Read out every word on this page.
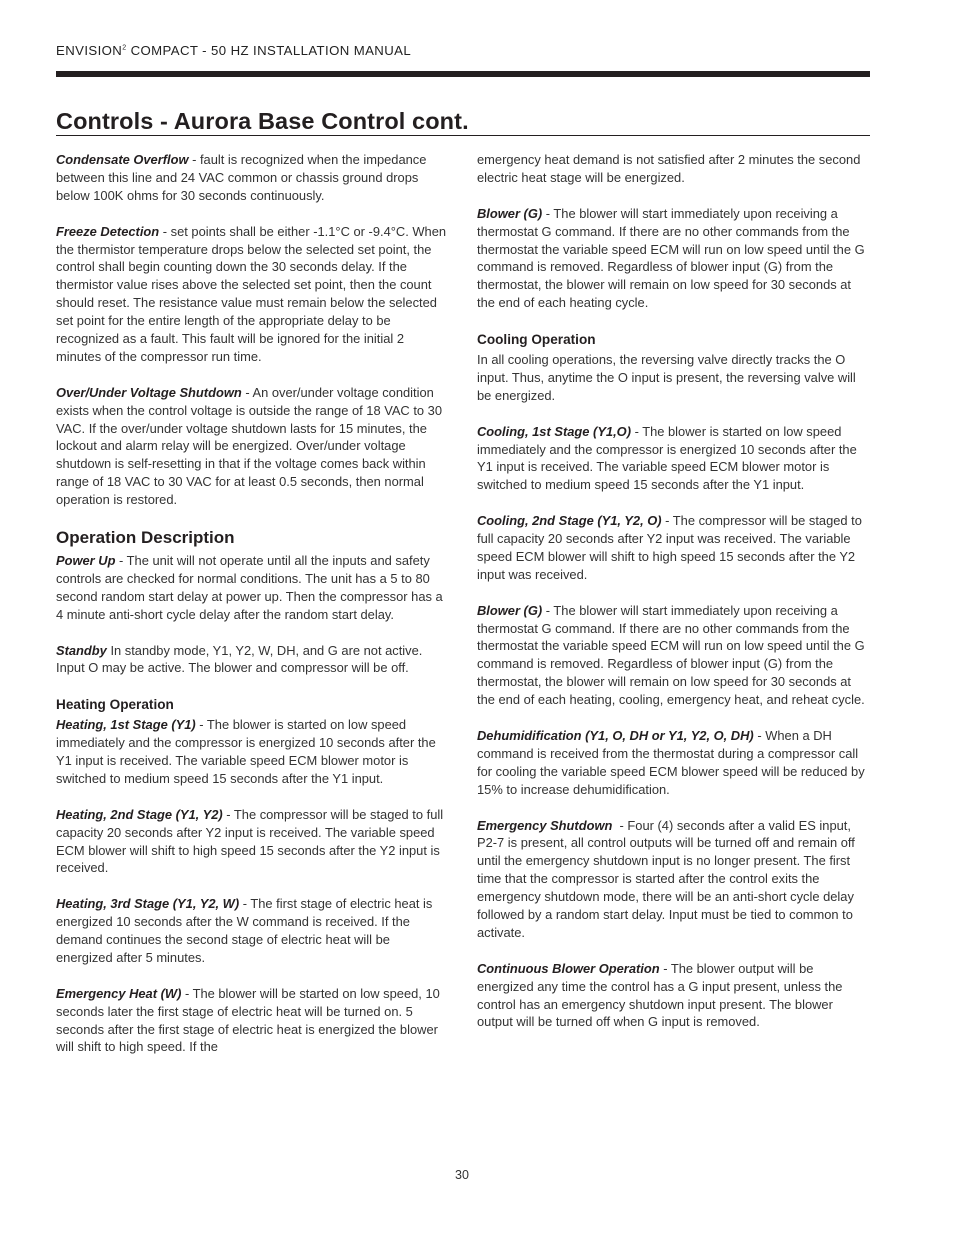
ENVISION$^2$ COMPACT - 50 HZ INSTALLATION MANUAL
Controls - Aurora Base Control cont.

Condensate Overflow - fault is recognized when the impedance between this line and 24 VAC common or chassis ground drops below 100K ohms for 30 seconds continuously.

Freeze Detection - set points shall be either -1.1°C or -9.4°C. When the thermistor temperature drops below the selected set point, the control shall begin counting down the 30 seconds delay. If the thermistor value rises above the selected set point, then the count should reset. The resistance value must remain below the selected set point for the entire length of the appropriate delay to be recognized as a fault. This fault will be ignored for the initial 2 minutes of the compressor run time.

Over/Under Voltage Shutdown - An over/under voltage condition exists when the control voltage is outside the range of 18 VAC to 30 VAC. If the over/under voltage shutdown lasts for 15 minutes, the lockout and alarm relay will be energized. Over/under voltage shutdown is self-resetting in that if the voltage comes back within range of 18 VAC to 30 VAC for at least 0.5 seconds, then normal operation is restored.

Operation Description

Power Up - The unit will not operate until all the inputs and safety controls are checked for normal conditions. The unit has a 5 to 80 second random start delay at power up. Then the compressor has a 4 minute anti-short cycle delay after the random start delay.

Standby In standby mode, Y1, Y2, W, DH, and G are not active. Input O may be active. The blower and compressor will be off.

Heating Operation

Heating, 1st Stage (Y1) - The blower is started on low speed immediately and the compressor is energized 10 seconds after the Y1 input is received. The variable speed ECM blower motor is switched to medium speed 15 seconds after the Y1 input.

Heating, 2nd Stage (Y1, Y2) - The compressor will be staged to full capacity 20 seconds after Y2 input is received. The variable speed ECM blower will shift to high speed 15 seconds after the Y2 input is received.

Heating, 3rd Stage (Y1, Y2, W) - The first stage of electric heat is energized 10 seconds after the W command is received. If the demand continues the second stage of electric heat will be energized after 5 minutes.

Emergency Heat (W) - The blower will be started on low speed, 10 seconds later the first stage of electric heat will be turned on. 5 seconds after the first stage of electric heat is energized the blower will shift to high speed. If the

emergency heat demand is not satisfied after 2 minutes the second electric heat stage will be energized.

Blower (G) - The blower will start immediately upon receiving a thermostat G command. If there are no other commands from the thermostat the variable speed ECM will run on low speed until the G command is removed. Regardless of blower input (G) from the thermostat, the blower will remain on low speed for 30 seconds at the end of each heating cycle.

Cooling Operation

In all cooling operations, the reversing valve directly tracks the O input. Thus, anytime the O input is present, the reversing valve will be energized.

Cooling, 1st Stage (Y1,O) - The blower is started on low speed immediately and the compressor is energized 10 seconds after the Y1 input is received. The variable speed ECM blower motor is switched to medium speed 15 seconds after the Y1 input.

Cooling, 2nd Stage (Y1, Y2, O) - The compressor will be staged to full capacity 20 seconds after Y2 input was received. The variable speed ECM blower will shift to high speed 15 seconds after the Y2 input was received.

Blower (G) - The blower will start immediately upon receiving a thermostat G command. If there are no other commands from the thermostat the variable speed ECM will run on low speed until the G command is removed. Regardless of blower input (G) from the thermostat, the blower will remain on low speed for 30 seconds at the end of each heating, cooling, emergency heat, and reheat cycle.

Dehumidification (Y1, O, DH or Y1, Y2, O, DH) - When a DH command is received from the thermostat during a compressor call for cooling the variable speed ECM blower speed will be reduced by 15% to increase dehumidification.

Emergency Shutdown  - Four (4) seconds after a valid ES input, P2-7 is present, all control outputs will be turned off and remain off until the emergency shutdown input is no longer present. The first time that the compressor is started after the control exits the emergency shutdown mode, there will be an anti-short cycle delay followed by a random start delay. Input must be tied to common to activate.

Continuous Blower Operation - The blower output will be energized any time the control has a G input present, unless the control has an emergency shutdown input present. The blower output will be turned off when G input is removed.

30
